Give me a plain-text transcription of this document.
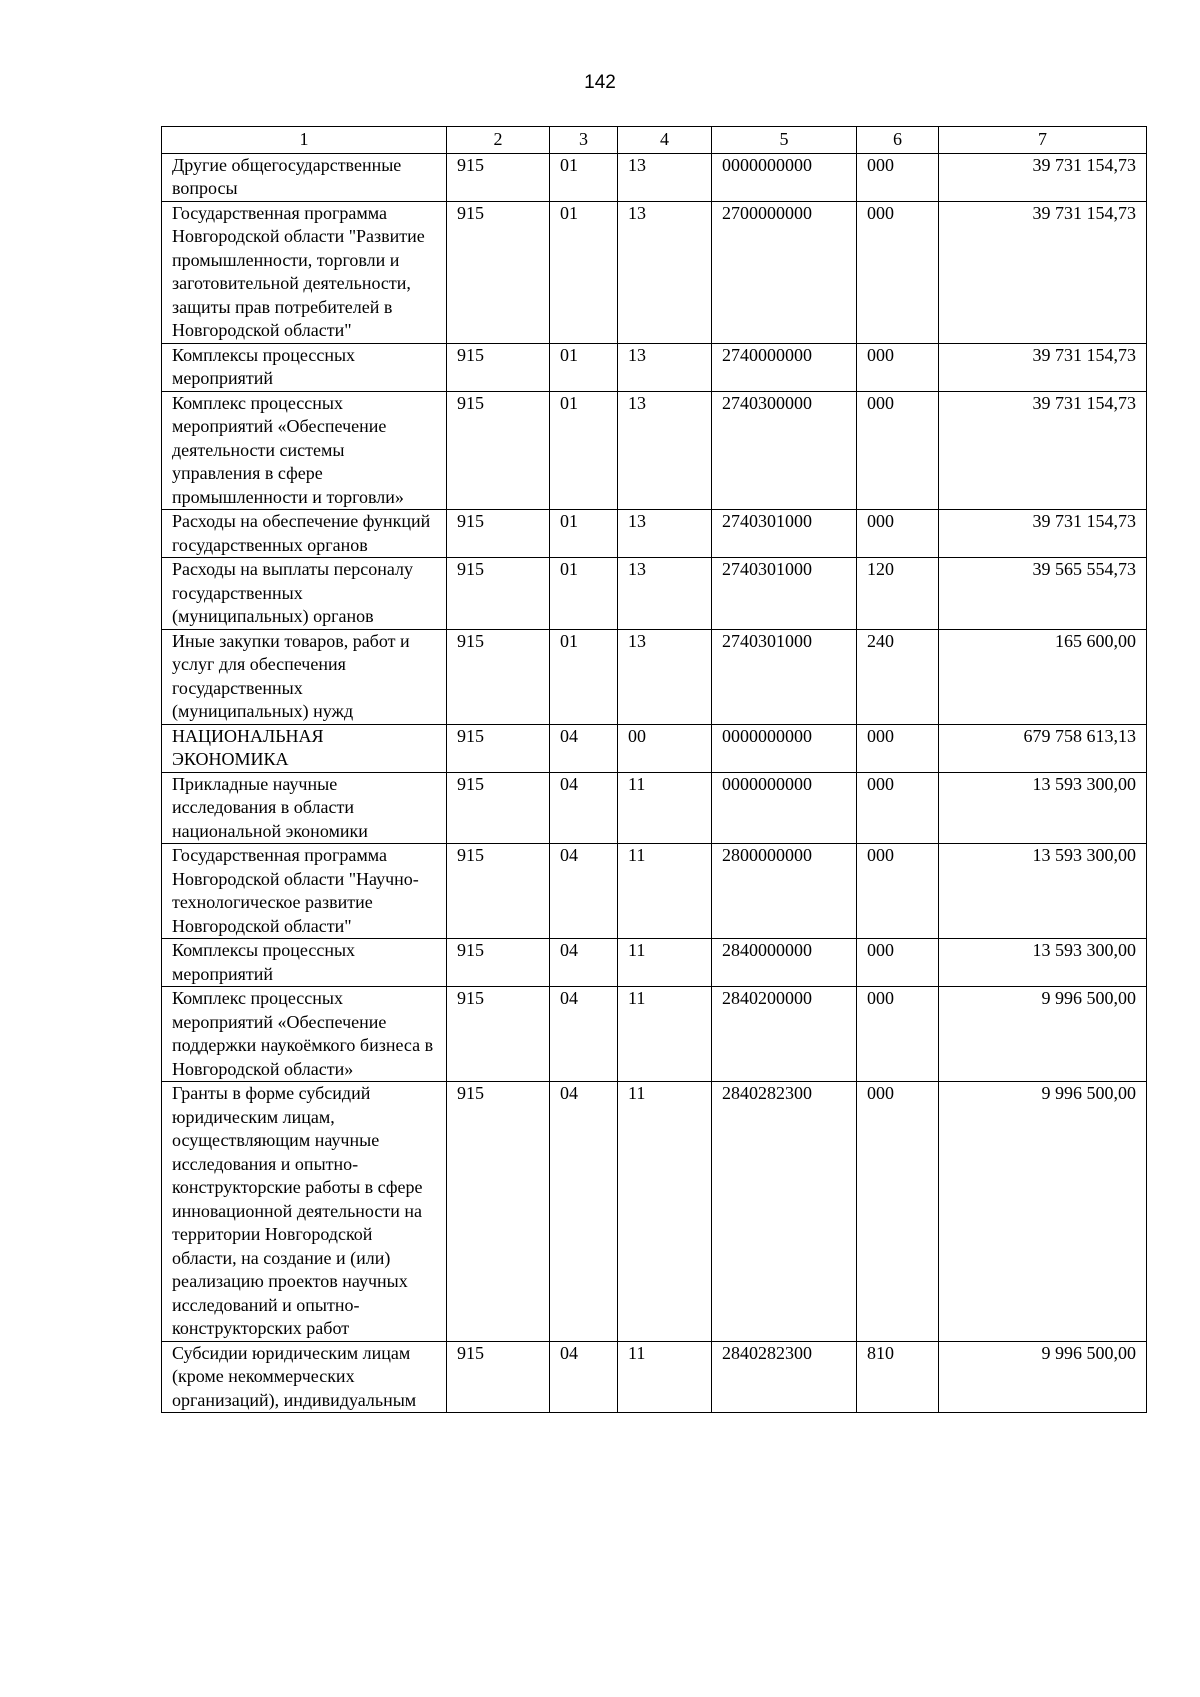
142
1	2	3	4	5	6	7
Другие общегосударственные вопросы	915	01	13	0000000000	000	39 731 154,73
Государственная программа Новгородской области "Развитие промышленности, торговли и заготовительной деятельности, защиты прав потребителей в Новгородской области"	915	01	13	2700000000	000	39 731 154,73
Комплексы процессных мероприятий	915	01	13	2740000000	000	39 731 154,73
Комплекс процессных мероприятий «Обеспечение деятельности системы управления в сфере промышленности и торговли»	915	01	13	2740300000	000	39 731 154,73
Расходы на обеспечение функций государственных органов	915	01	13	2740301000	000	39 731 154,73
Расходы на выплаты персоналу государственных (муниципальных) органов	915	01	13	2740301000	120	39 565 554,73
Иные закупки товаров, работ и услуг для обеспечения государственных (муниципальных) нужд	915	01	13	2740301000	240	165 600,00
НАЦИОНАЛЬНАЯ ЭКОНОМИКА	915	04	00	0000000000	000	679 758 613,13
Прикладные научные исследования в области национальной экономики	915	04	11	0000000000	000	13 593 300,00
Государственная программа Новгородской области "Научно-технологическое развитие Новгородской области"	915	04	11	2800000000	000	13 593 300,00
Комплексы процессных мероприятий	915	04	11	2840000000	000	13 593 300,00
Комплекс процессных мероприятий «Обеспечение поддержки наукоёмкого бизнеса в Новгородской области»	915	04	11	2840200000	000	9 996 500,00
Гранты в форме субсидий юридическим лицам, осуществляющим научные исследования и опытно-конструкторские работы в сфере инновационной деятельности на территории Новгородской области, на создание и (или) реализацию проектов научных исследований и опытно-конструкторских работ	915	04	11	2840282300	000	9 996 500,00
Субсидии юридическим лицам (кроме некоммерческих организаций), индивидуальным	915	04	11	2840282300	810	9 996 500,00
